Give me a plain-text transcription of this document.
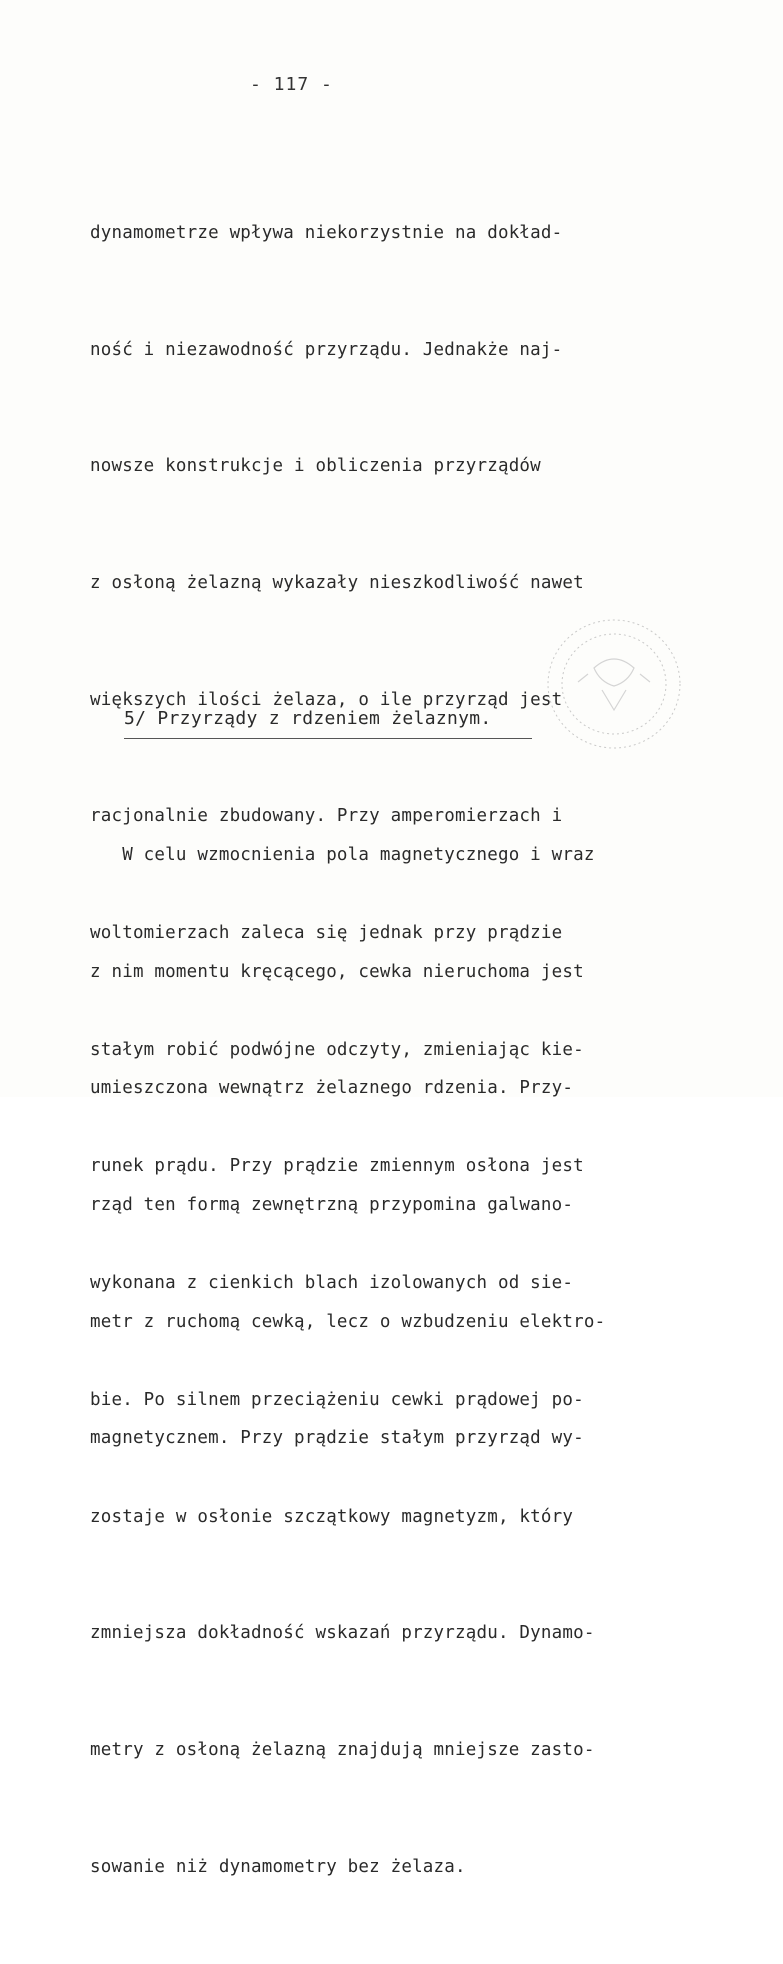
- 117 -

dynamometrze wpływa niekorzystnie na dokład-

ność i niezawodność przyrządu. Jednakże naj-

nowsze konstrukcje i obliczenia przyrządów

z osłoną żelazną wykazały nieszkodliwość nawet

większych ilości żelaza, o ile przyrząd jest

racjonalnie zbudowany. Przy amperomierzach i

woltomierzach zaleca się jednak przy prądzie

stałym robić podwójne odczyty, zmieniając kie-

runek prądu. Przy prądzie zmiennym osłona jest

wykonana z cienkich blach izolowanych od sie-

bie. Po silnem przeciążeniu cewki prądowej po-

zostaje w osłonie szczątkowy magnetyzm, który

zmniejsza dokładność wskazań przyrządu. Dynamo-

metry z osłoną żelazną znajdują mniejsze zasto-

sowanie niż dynamometry bez żelaza.

5/ Przyrządy z rdzeniem żelaznym.

W celu wzmocnienia pola magnetycznego i wraz

z nim momentu kręcącego, cewka nieruchoma jest

umieszczona wewnątrz żelaznego rdzenia. Przy-

rząd ten formą zewnętrzną przypomina galwano-

metr z ruchomą cewką, lecz o wzbudzeniu elektro-

magnetycznem. Przy prądzie stałym przyrząd wy-
